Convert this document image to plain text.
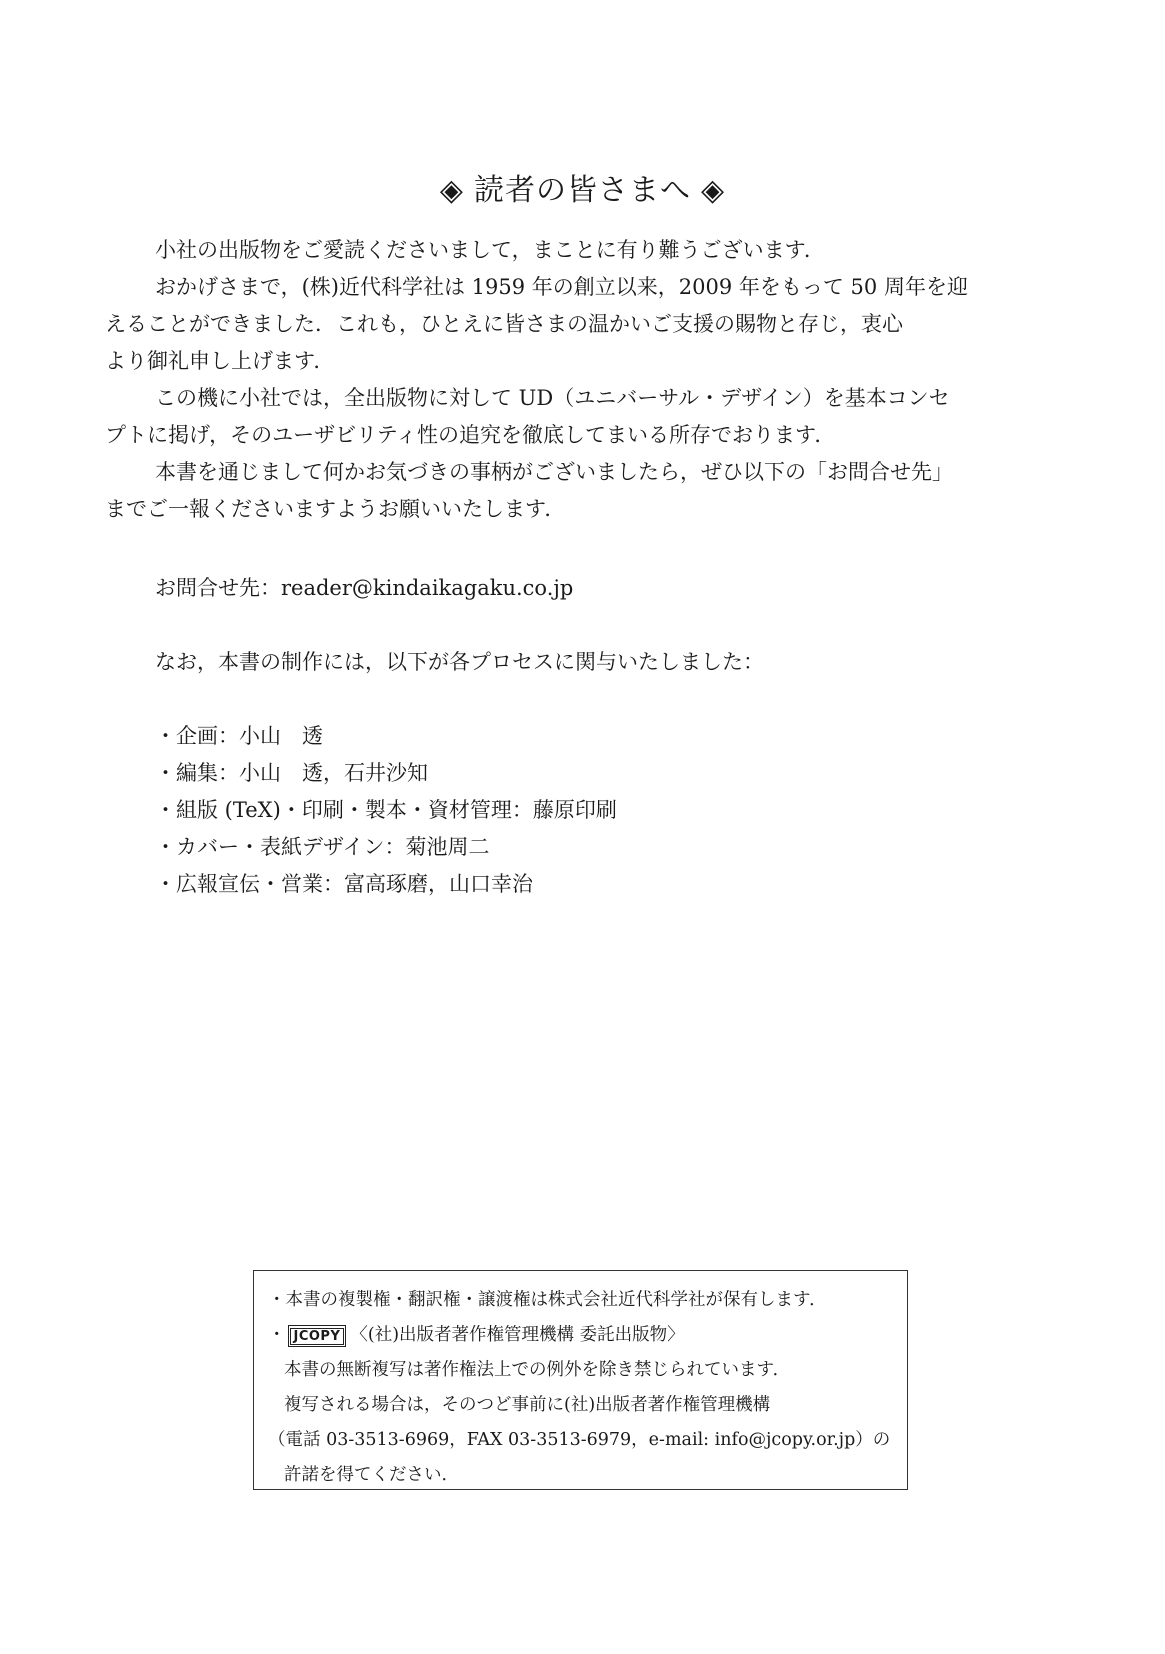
◈ 読者の皆さまへ ◈
小社の出版物をご愛読くださいまして，まことに有り難うございます．
おかげさまで，(株)近代科学社は 1959 年の創立以来，2009 年をもって 50 周年を迎
えることができました．これも，ひとえに皆さまの温かいご支援の賜物と存じ，衷心
より御礼申し上げます．
この機に小社では，全出版物に対して UD（ユニバーサル・デザイン）を基本コンセ
プトに掲げ，そのユーザビリティ性の追究を徹底してまいる所存でおります．
本書を通じまして何かお気づきの事柄がございましたら，ぜひ以下の「お問合せ先」
までご一報くださいますようお願いいたします．
お問合せ先：reader@kindaikagaku.co.jp
なお，本書の制作には，以下が各プロセスに関与いたしました：
・企画：小山　透
・編集：小山　透，石井沙知
・組版 (TeX)・印刷・製本・資材管理：藤原印刷
・カバー・表紙デザイン：菊池周二
・広報宣伝・営業：富高琢磨，山口幸治
・本書の複製権・翻訳権・譲渡権は株式会社近代科学社が保有します．
・ JCOPY 〈(社)出版者著作権管理機構 委託出版物〉
本書の無断複写は著作権法上での例外を除き禁じられています．
複写される場合は，そのつど事前に(社)出版者著作権管理機構
（電話 03-3513-6969，FAX 03-3513-6979，e-mail: info@jcopy.or.jp）の
許諾を得てください．
